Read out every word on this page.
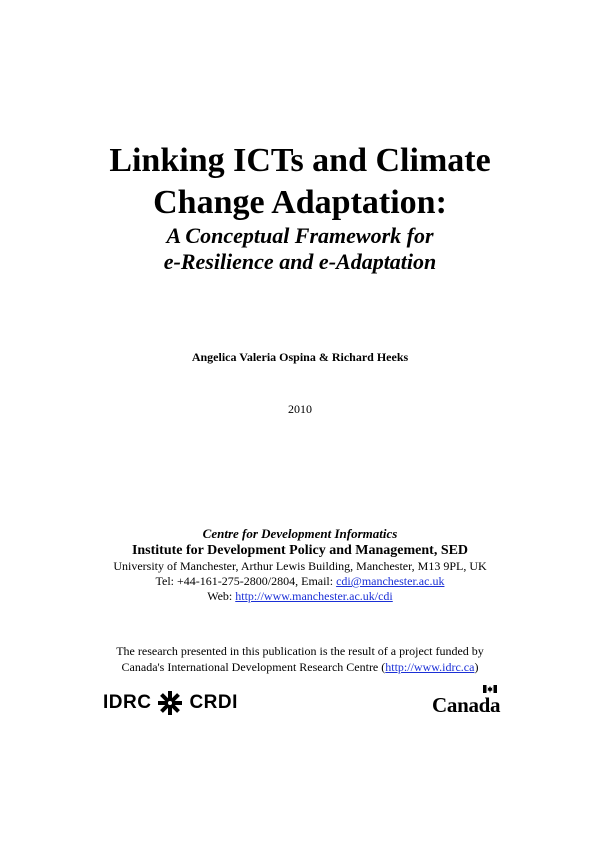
Linking ICTs and Climate
Change Adaptation:
A Conceptual Framework for
e-Resilience and e-Adaptation
Angelica Valeria Ospina & Richard Heeks
2010
Centre for Development Informatics
Institute for Development Policy and Management, SED
University of Manchester, Arthur Lewis Building, Manchester, M13 9PL, UK
Tel: +44-161-275-2800/2804, Email: cdi@manchester.ac.uk
Web: http://www.manchester.ac.uk/cdi
The research presented in this publication is the result of a project funded by
Canada's International Development Research Centre (http://www.idrc.ca)
IDRC CRDI	Canada
